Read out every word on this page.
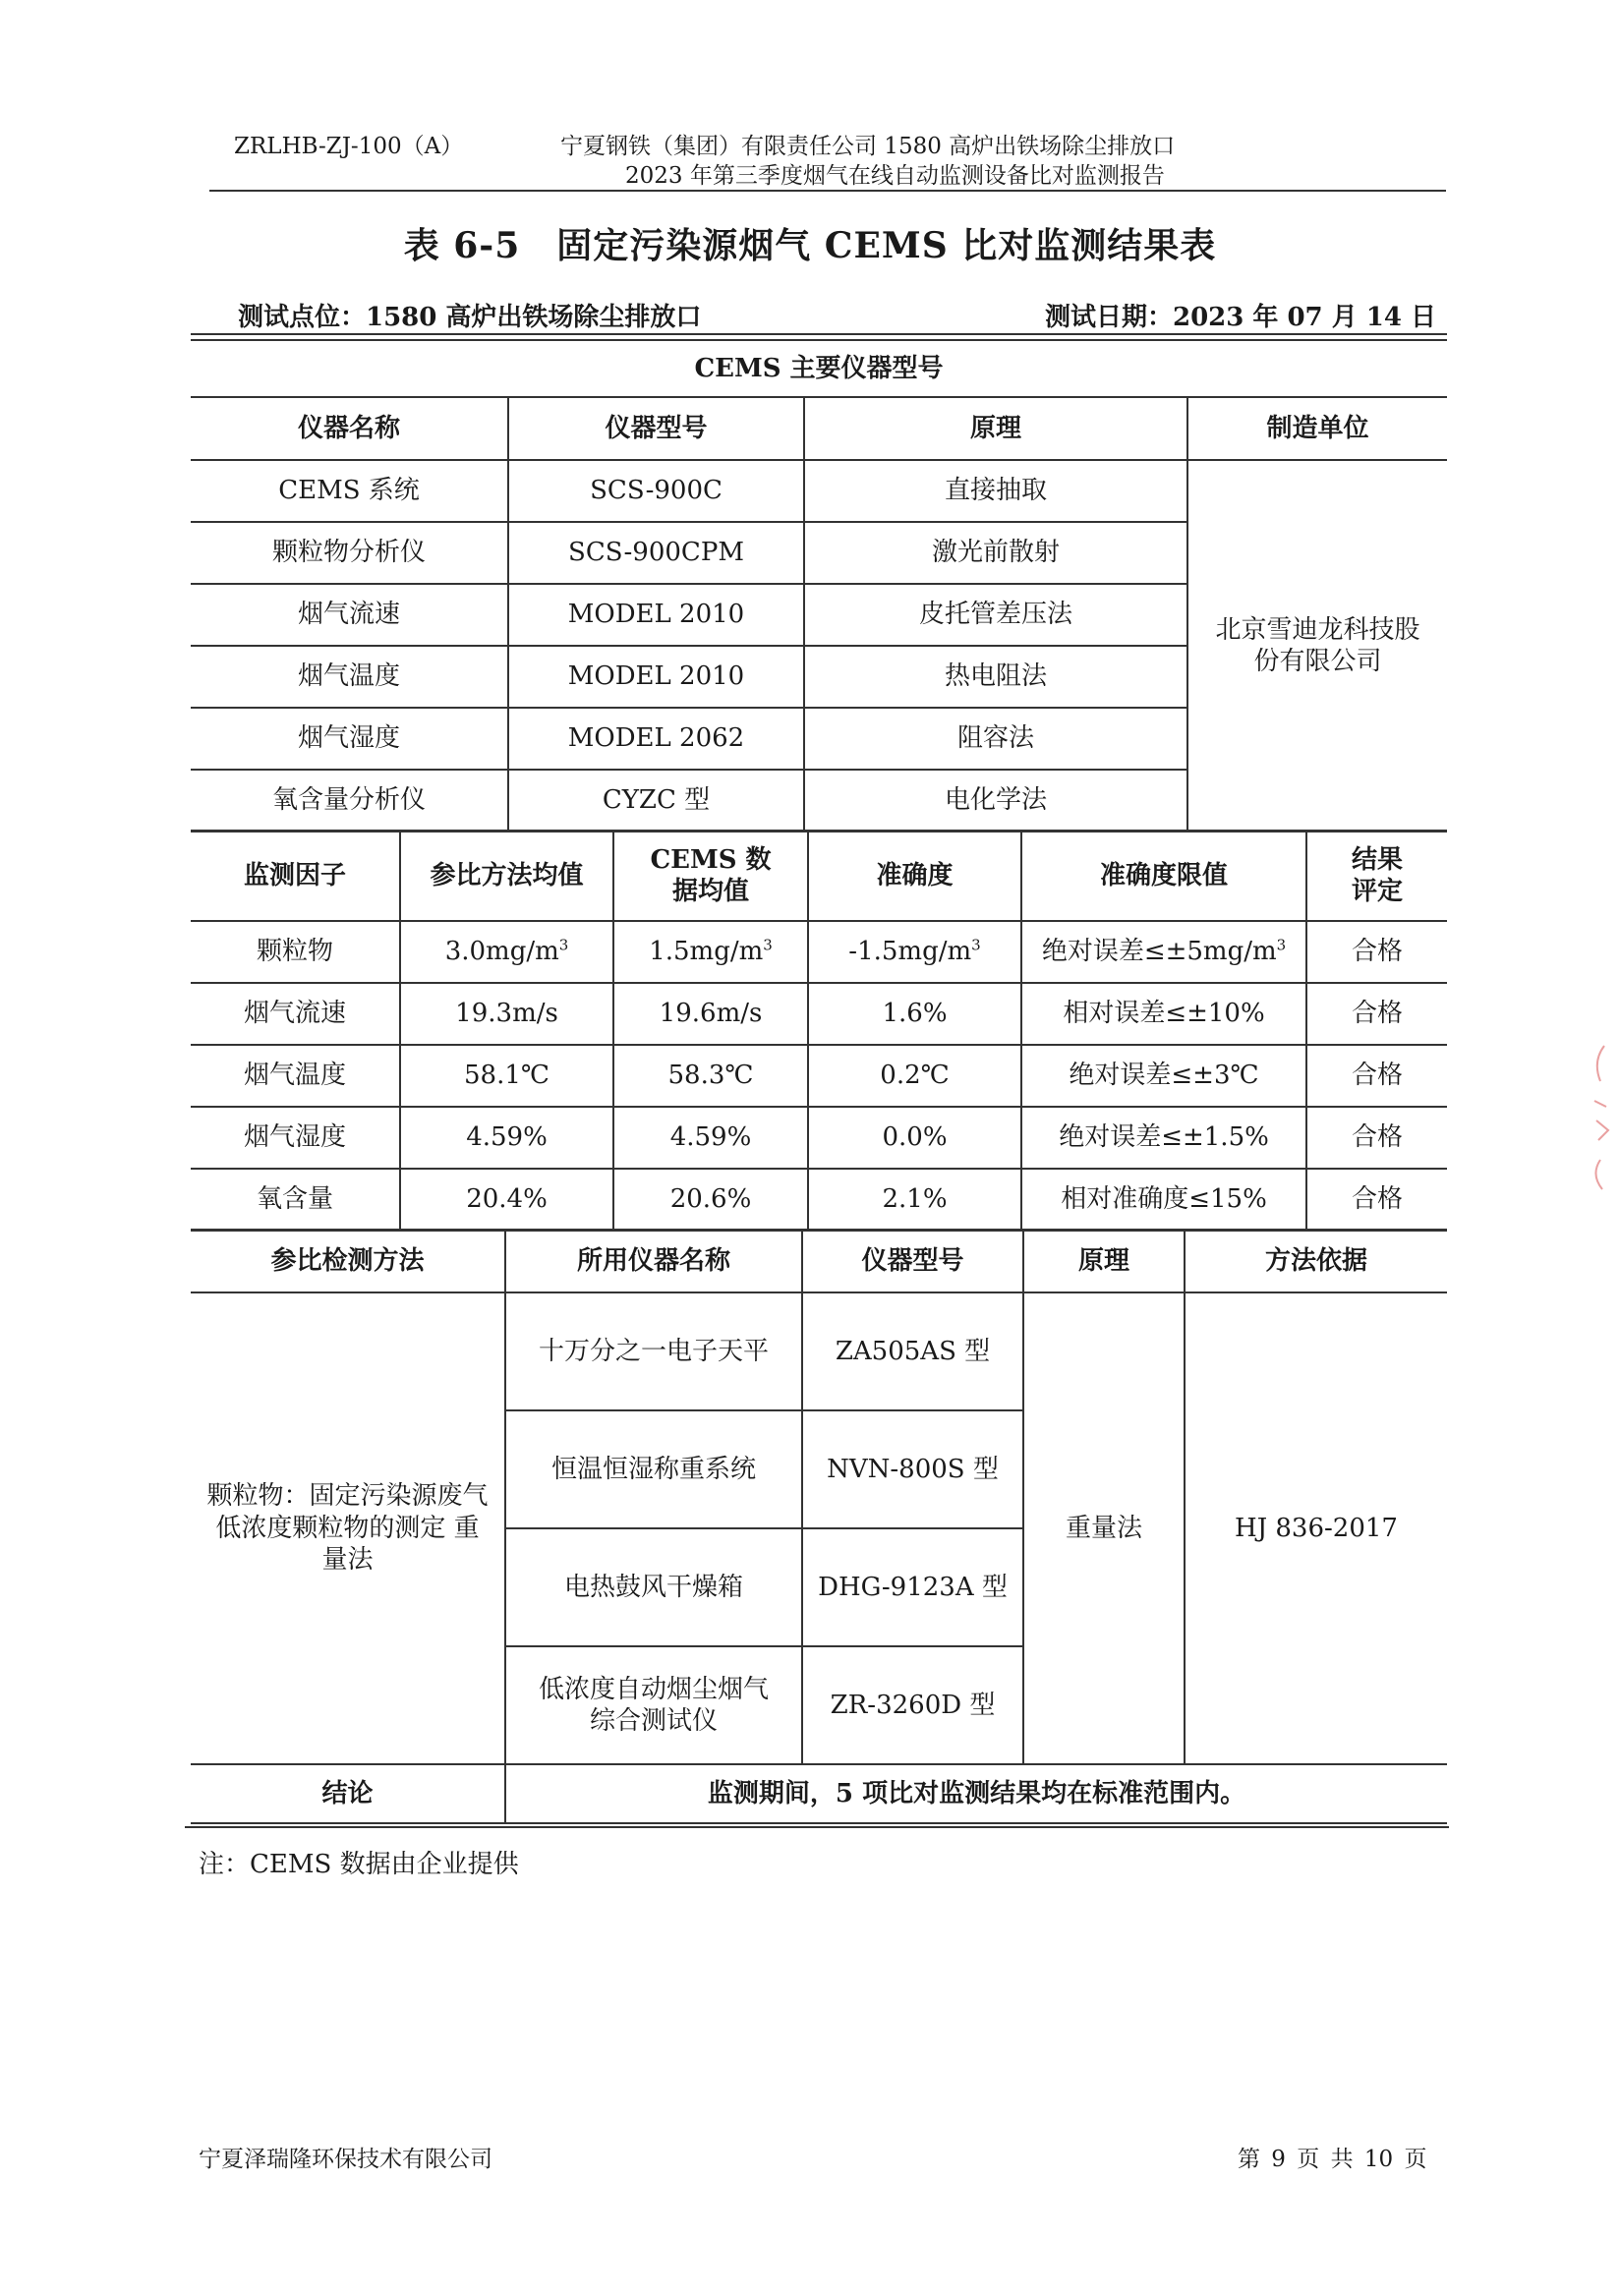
ZRLHB-ZJ-100（A）	宁夏钢铁（集团）有限责任公司 1580 高炉出铁场除尘排放口
2023 年第三季度烟气在线自动监测设备比对监测报告
表 6-5　固定污染源烟气 CEMS 比对监测结果表
测试点位：1580 高炉出铁场除尘排放口	测试日期：2023 年 07 月 14 日
CEMS 主要仪器型号			
仪器名称	仪器型号	原理	制造单位
CEMS 系统	SCS-900C	直接抽取	北京雪迪龙科技股份有限公司
颗粒物分析仪	SCS-900CPM	激光前散射	
烟气流速	MODEL 2010	皮托管差压法	
烟气温度	MODEL 2010	热电阻法	
烟气湿度	MODEL 2062	阻容法	
氧含量分析仪	CYZC 型	电化学法	
监测因子	参比方法均值	CEMS 数据均值	准确度	准确度限值	结果评定
颗粒物	$3.0mg/m^3$	$1.5mg/m^3$	$-1.5mg/m^3$	绝对误差$\le\pm 5mg/m^3$	合格
烟气流速	19.3m/s	19.6m/s	1.6%	相对误差≤±10%	合格
烟气温度	58.1℃	58.3℃	0.2℃	绝对误差≤±3℃	合格
烟气湿度	4.59%	4.59%	0.0%	绝对误差≤±1.5%	合格
氧含量	20.4%	20.6%	2.1%	相对准确度≤15%	合格
参比检测方法	所用仪器名称	仪器型号	原理	方法依据
颗粒物：固定污染源废气 低浓度颗粒物的测定 重量法	十万分之一电子天平	ZA505AS 型	重量法	HJ 836-2017
	恒温恒湿称重系统	NVN-800S 型		
	电热鼓风干燥箱	DHG-9123A 型		
	低浓度自动烟尘烟气综合测试仪	ZR-3260D 型		
结论	监测期间，5 项比对监测结果均在标准范围内。			
注：CEMS 数据由企业提供
宁夏泽瑞隆环保技术有限公司	第 9 页 共 10 页
